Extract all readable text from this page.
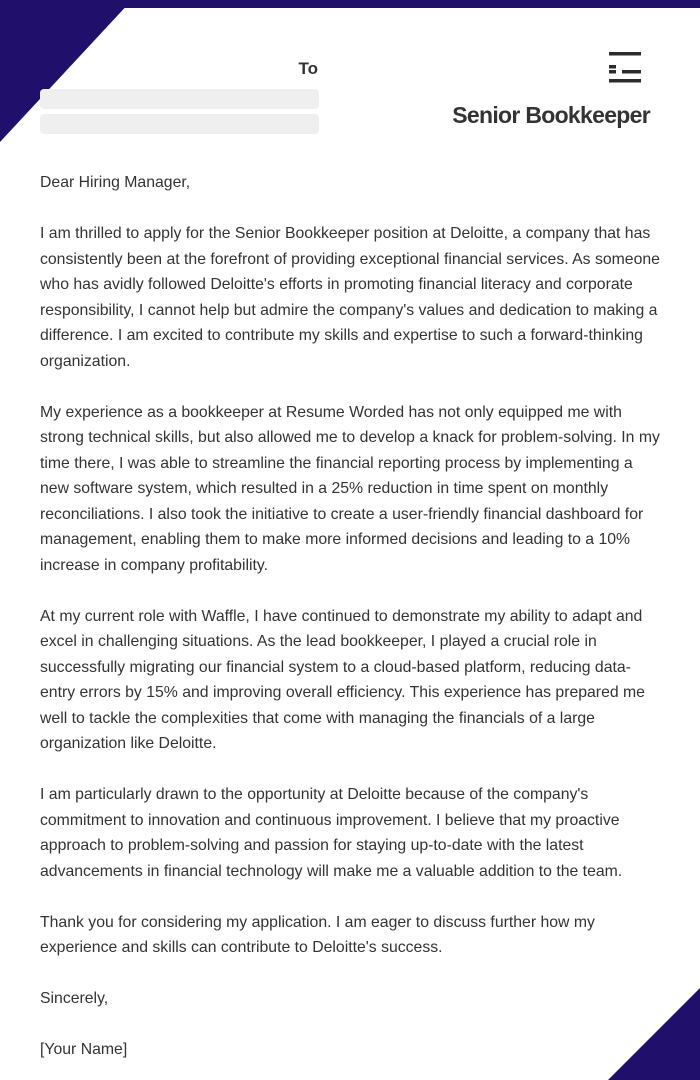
To
Senior Bookkeeper

Dear Hiring Manager,

I am thrilled to apply for the Senior Bookkeeper position at Deloitte, a company that has consistently been at the forefront of providing exceptional financial services. As someone who has avidly followed Deloitte's efforts in promoting financial literacy and corporate responsibility, I cannot help but admire the company's values and dedication to making a difference. I am excited to contribute my skills and expertise to such a forward-thinking organization.

My experience as a bookkeeper at Resume Worded has not only equipped me with strong technical skills, but also allowed me to develop a knack for problem-solving. In my time there, I was able to streamline the financial reporting process by implementing a new software system, which resulted in a 25% reduction in time spent on monthly reconciliations. I also took the initiative to create a user-friendly financial dashboard for management, enabling them to make more informed decisions and leading to a 10% increase in company profitability.

At my current role with Waffle, I have continued to demonstrate my ability to adapt and excel in challenging situations. As the lead bookkeeper, I played a crucial role in successfully migrating our financial system to a cloud-based platform, reducing data-entry errors by 15% and improving overall efficiency. This experience has prepared me well to tackle the complexities that come with managing the financials of a large organization like Deloitte.

I am particularly drawn to the opportunity at Deloitte because of the company's commitment to innovation and continuous improvement. I believe that my proactive approach to problem-solving and passion for staying up-to-date with the latest advancements in financial technology will make me a valuable addition to the team.

Thank you for considering my application. I am eager to discuss further how my experience and skills can contribute to Deloitte's success.

Sincerely,

[Your Name]
